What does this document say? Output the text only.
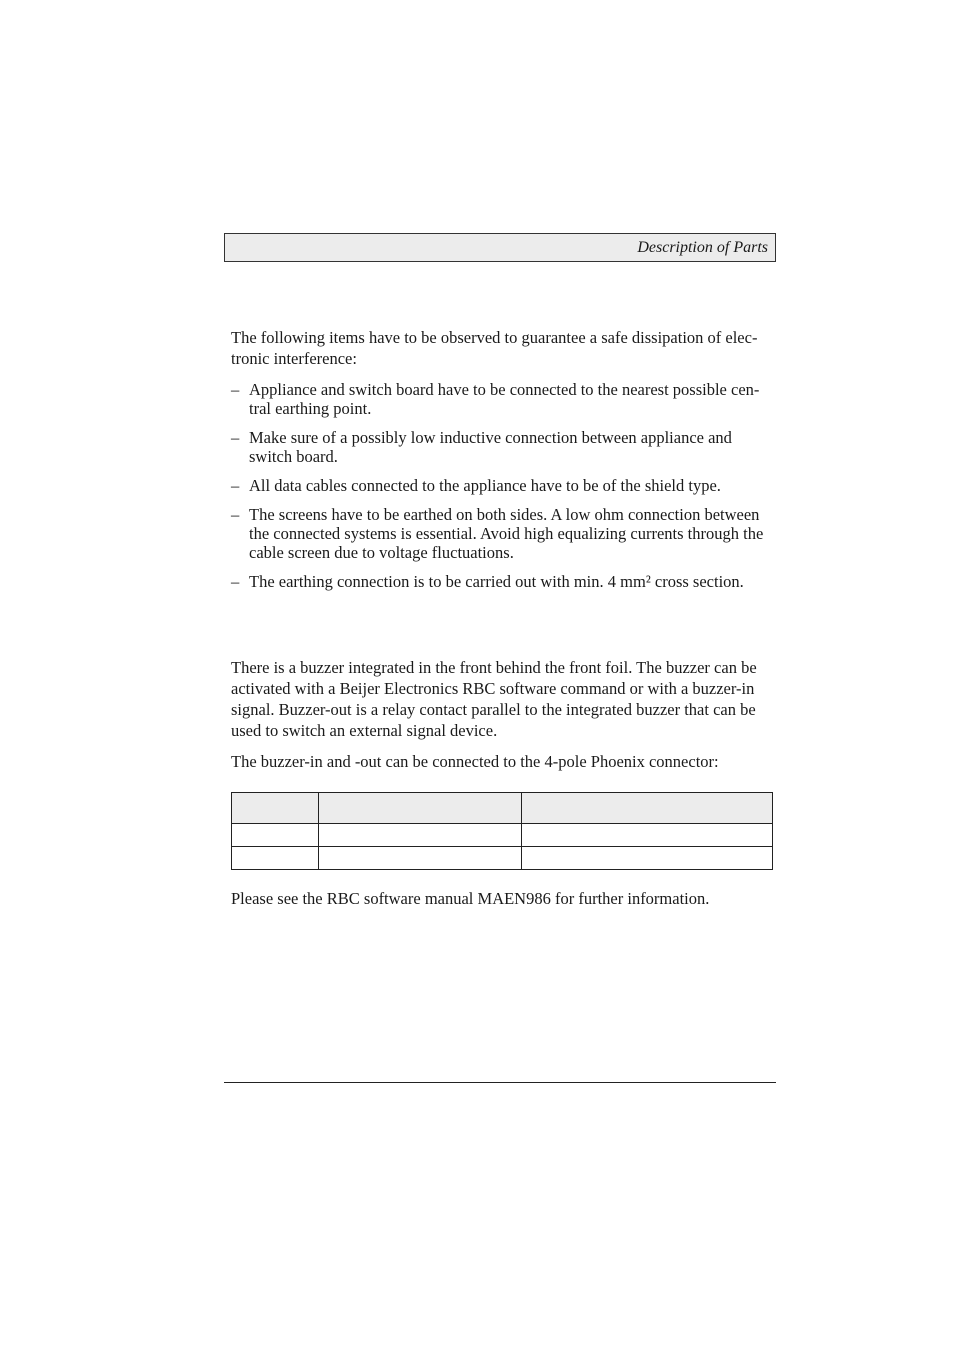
Description of Parts
The following items have to be observed to guarantee a safe dissipation of elec-
tronic interference:
– Appliance and switch board have to be connected to the nearest possible cen-tral earthing point.
– Make sure of a possibly low inductive connection between appliance and switch board.
– All data cables connected to the appliance have to be of the shield type.
– The screens have to be earthed on both sides. A low ohm connection between the connected systems is essential. Avoid high equalizing currents through the cable screen due to voltage fluctuations.
– The earthing connection is to be carried out with min. 4 mm² cross section.

There is a buzzer integrated in the front behind the front foil. The buzzer can be activated with a Beijer Electronics RBC software command or with a buzzer-in signal. Buzzer-out is a relay contact parallel to the integrated buzzer that can be used to switch an external signal device.

The buzzer-in and -out can be connected to the 4-pole Phoenix connector:

Please see the RBC software manual MAEN986 for further information.
